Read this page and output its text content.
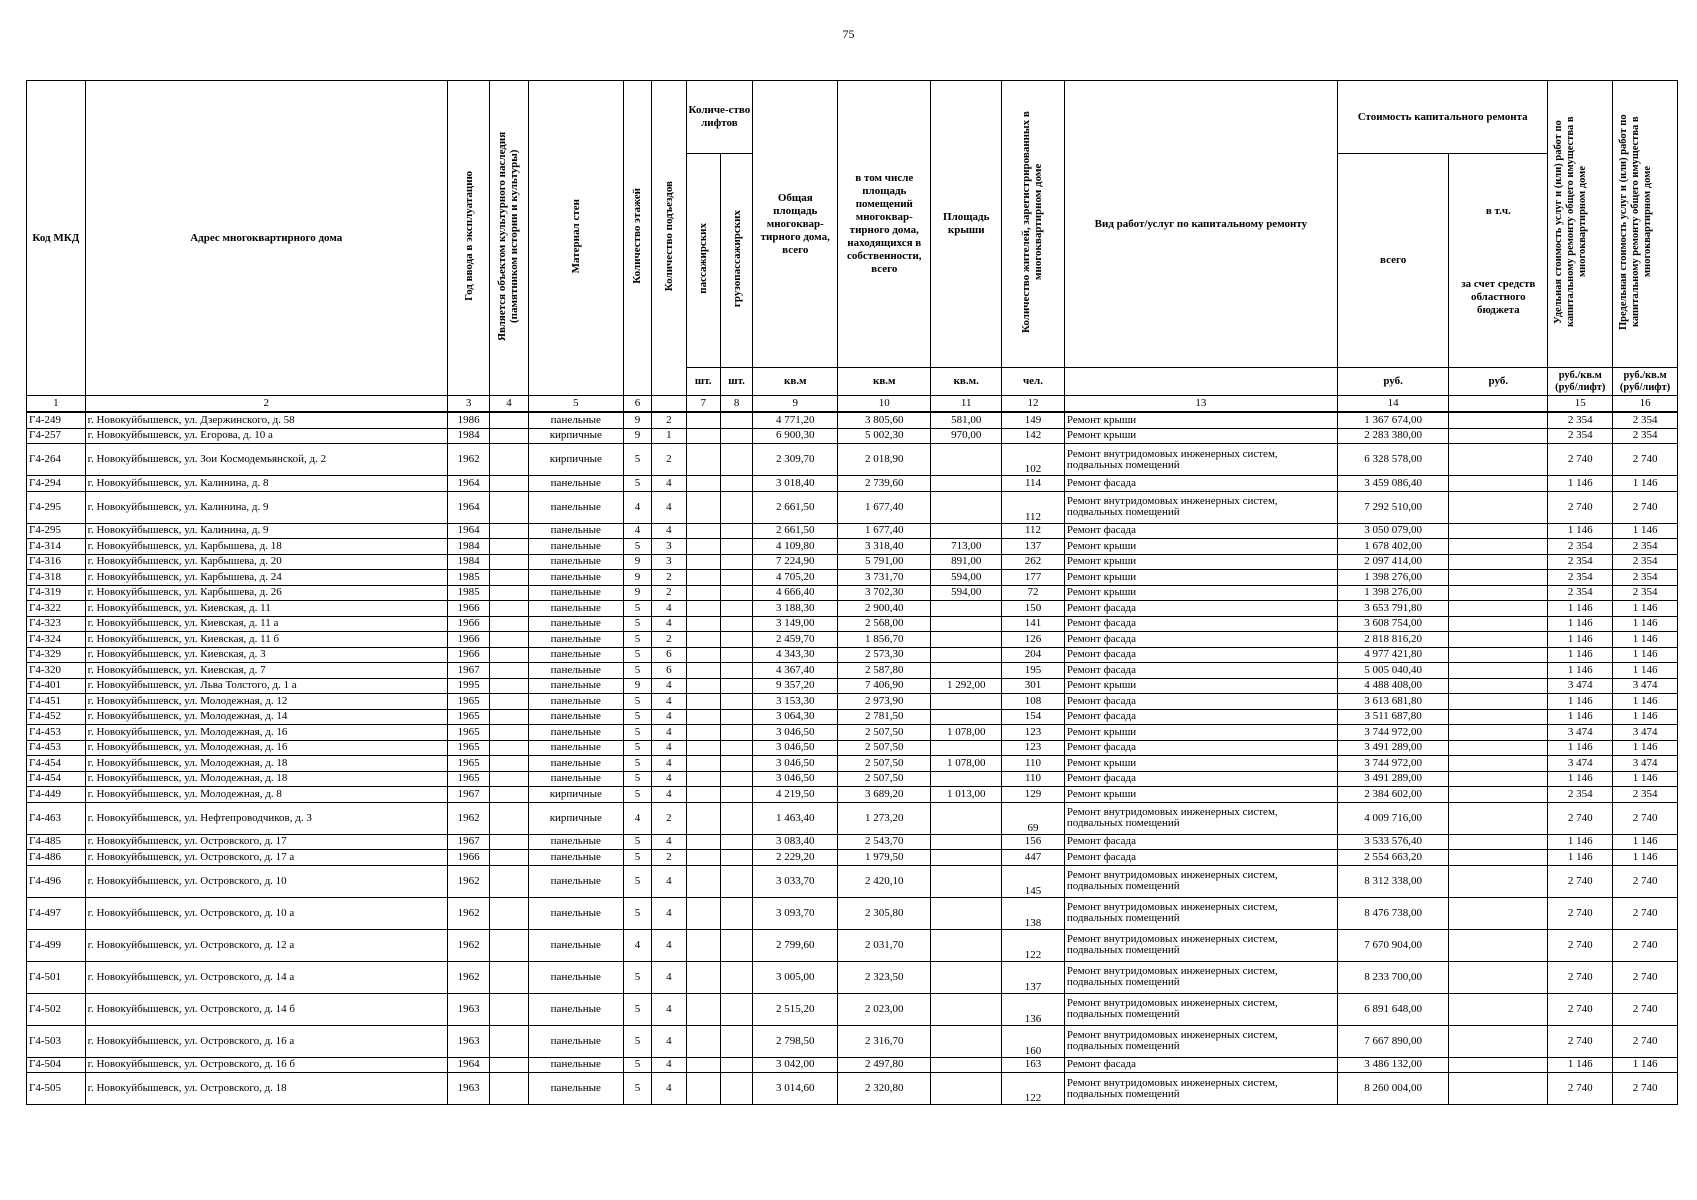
75
Код МКД	Адрес многоквартирного дома	Год ввода в эксплуатацию	Является объектом культурного наследия (памятником истории и культуры)	Материал стен	Количество этажей	Количество подъездов	Количе-ство лифтов		Общая площадь многоквар-тирного дома, всего	в том числе площадь помещений многоквар-тирного дома, находящихся в собственности, всего	Площадь крыши	Количество жителей, зарегистрированных в многоквартирном доме	Вид работ/услуг по капитальному ремонту	Стоимость капитального ремонта		Удельная стоимость услуг и (или) работ по капитальному ремонту общего имущества в многоквартирном доме	Предельная стоимость услуг и (или) работ по капитальному ремонту общего имущества в многоквартирном доме
							пассажирских	грузопассажирских						всего	в т.ч.
за счет средств областного бюджета		

							шт.	шт.	кв.м	кв.м	кв.м.	чел.		руб.	руб.	руб./кв.м (руб/лифт)	руб./кв.м (руб/лифт)
1	2	3	4	5	6		7	8	9	10	11	12	13	14		15	16
Г4-249	г. Новокуйбышевск, ул. Дзержинского, д. 58	1986		панельные	9	2			4 771,20	3 805,60	581,00	149	Ремонт крыши	1 367 674,00		2 354	2 354
Г4-257	г. Новокуйбышевск, ул. Егорова, д. 10 а	1984		кирпичные	9	1			6 900,30	5 002,30	970,00	142	Ремонт крыши	2 283 380,00		2 354	2 354
Г4-264	г. Новокуйбышевск, ул. Зои Космодемьянской, д. 2	1962		кирпичные	5	2			2 309,70	2 018,90		102	Ремонт внутридомовых инженерных систем, подвальных помещений	6 328 578,00		2 740	2 740
Г4-294	г. Новокуйбышевск, ул. Калинина, д. 8	1964		панельные	5	4			3 018,40	2 739,60		114	Ремонт фасада	3 459 086,40		1 146	1 146
Г4-295	г. Новокуйбышевск, ул. Калинина, д. 9	1964		панельные	4	4			2 661,50	1 677,40		112	Ремонт внутридомовых инженерных систем, подвальных помещений	7 292 510,00		2 740	2 740
Г4-295	г. Новокуйбышевск, ул. Калинина, д. 9	1964		панельные	4	4			2 661,50	1 677,40		112	Ремонт фасада	3 050 079,00		1 146	1 146
Г4-314	г. Новокуйбышевск, ул. Карбышева, д. 18	1984		панельные	5	3			4 109,80	3 318,40	713,00	137	Ремонт крыши	1 678 402,00		2 354	2 354
Г4-316	г. Новокуйбышевск, ул. Карбышева, д. 20	1984		панельные	9	3			7 224,90	5 791,00	891,00	262	Ремонт крыши	2 097 414,00		2 354	2 354
Г4-318	г. Новокуйбышевск, ул. Карбышева, д. 24	1985		панельные	9	2			4 705,20	3 731,70	594,00	177	Ремонт крыши	1 398 276,00		2 354	2 354
Г4-319	г. Новокуйбышевск, ул. Карбышева, д. 26	1985		панельные	9	2			4 666,40	3 702,30	594,00	72	Ремонт крыши	1 398 276,00		2 354	2 354
Г4-322	г. Новокуйбышевск, ул. Киевская, д. 11	1966		панельные	5	4			3 188,30	2 900,40		150	Ремонт фасада	3 653 791,80		1 146	1 146
Г4-323	г. Новокуйбышевск, ул. Киевская, д. 11 а	1966		панельные	5	4			3 149,00	2 568,00		141	Ремонт фасада	3 608 754,00		1 146	1 146
Г4-324	г. Новокуйбышевск, ул. Киевская, д. 11 б	1966		панельные	5	2			2 459,70	1 856,70		126	Ремонт фасада	2 818 816,20		1 146	1 146
Г4-329	г. Новокуйбышевск, ул. Киевская, д. 3	1966		панельные	5	6			4 343,30	2 573,30		204	Ремонт фасада	4 977 421,80		1 146	1 146
Г4-320	г. Новокуйбышевск, ул. Киевская, д. 7	1967		панельные	5	6			4 367,40	2 587,80		195	Ремонт фасада	5 005 040,40		1 146	1 146
Г4-401	г. Новокуйбышевск, ул. Льва Толстого, д. 1 а	1995		панельные	9	4			9 357,20	7 406,90	1 292,00	301	Ремонт крыши	4 488 408,00		3 474	3 474
Г4-451	г. Новокуйбышевск, ул. Молодежная, д. 12	1965		панельные	5	4			3 153,30	2 973,90		108	Ремонт фасада	3 613 681,80		1 146	1 146
Г4-452	г. Новокуйбышевск, ул. Молодежная, д. 14	1965		панельные	5	4			3 064,30	2 781,50		154	Ремонт фасада	3 511 687,80		1 146	1 146
Г4-453	г. Новокуйбышевск, ул. Молодежная, д. 16	1965		панельные	5	4			3 046,50	2 507,50	1 078,00	123	Ремонт крыши	3 744 972,00		3 474	3 474
Г4-453	г. Новокуйбышевск, ул. Молодежная, д. 16	1965		панельные	5	4			3 046,50	2 507,50		123	Ремонт фасада	3 491 289,00		1 146	1 146
Г4-454	г. Новокуйбышевск, ул. Молодежная, д. 18	1965		панельные	5	4			3 046,50	2 507,50	1 078,00	110	Ремонт крыши	3 744 972,00		3 474	3 474
Г4-454	г. Новокуйбышевск, ул. Молодежная, д. 18	1965		панельные	5	4			3 046,50	2 507,50		110	Ремонт фасада	3 491 289,00		1 146	1 146
Г4-449	г. Новокуйбышевск, ул. Молодежная, д. 8	1967		кирпичные	5	4			4 219,50	3 689,20	1 013,00	129	Ремонт крыши	2 384 602,00		2 354	2 354
Г4-463	г. Новокуйбышевск, ул. Нефтепроводчиков, д. 3	1962		кирпичные	4	2			1 463,40	1 273,20		69	Ремонт внутридомовых инженерных систем, подвальных помещений	4 009 716,00		2 740	2 740
Г4-485	г. Новокуйбышевск, ул. Островского, д. 17	1967		панельные	5	4			3 083,40	2 543,70		156	Ремонт фасада	3 533 576,40		1 146	1 146
Г4-486	г. Новокуйбышевск, ул. Островского, д. 17 а	1966		панельные	5	2			2 229,20	1 979,50		447	Ремонт фасада	2 554 663,20		1 146	1 146
Г4-496	г. Новокуйбышевск, ул. Островского, д. 10	1962		панельные	5	4			3 033,70	2 420,10		145	Ремонт внутридомовых инженерных систем, подвальных помещений	8 312 338,00		2 740	2 740
Г4-497	г. Новокуйбышевск, ул. Островского, д. 10 а	1962		панельные	5	4			3 093,70	2 305,80		138	Ремонт внутридомовых инженерных систем, подвальных помещений	8 476 738,00		2 740	2 740
Г4-499	г. Новокуйбышевск, ул. Островского, д. 12 а	1962		панельные	4	4			2 799,60	2 031,70		122	Ремонт внутридомовых инженерных систем, подвальных помещений	7 670 904,00		2 740	2 740
Г4-501	г. Новокуйбышевск, ул. Островского, д. 14 а	1962		панельные	5	4			3 005,00	2 323,50		137	Ремонт внутридомовых инженерных систем, подвальных помещений	8 233 700,00		2 740	2 740
Г4-502	г. Новокуйбышевск, ул. Островского, д. 14 б	1963		панельные	5	4			2 515,20	2 023,00		136	Ремонт внутридомовых инженерных систем, подвальных помещений	6 891 648,00		2 740	2 740
Г4-503	г. Новокуйбышевск, ул. Островского, д. 16 а	1963		панельные	5	4			2 798,50	2 316,70		160	Ремонт внутридомовых инженерных систем, подвальных помещений	7 667 890,00		2 740	2 740
Г4-504	г. Новокуйбышевск, ул. Островского, д. 16 б	1964		панельные	5	4			3 042,00	2 497,80		163	Ремонт фасада	3 486 132,00		1 146	1 146
Г4-505	г. Новокуйбышевск, ул. Островского, д. 18	1963		панельные	5	4			3 014,60	2 320,80		122	Ремонт внутридомовых инженерных систем, подвальных помещений	8 260 004,00		2 740	2 740
